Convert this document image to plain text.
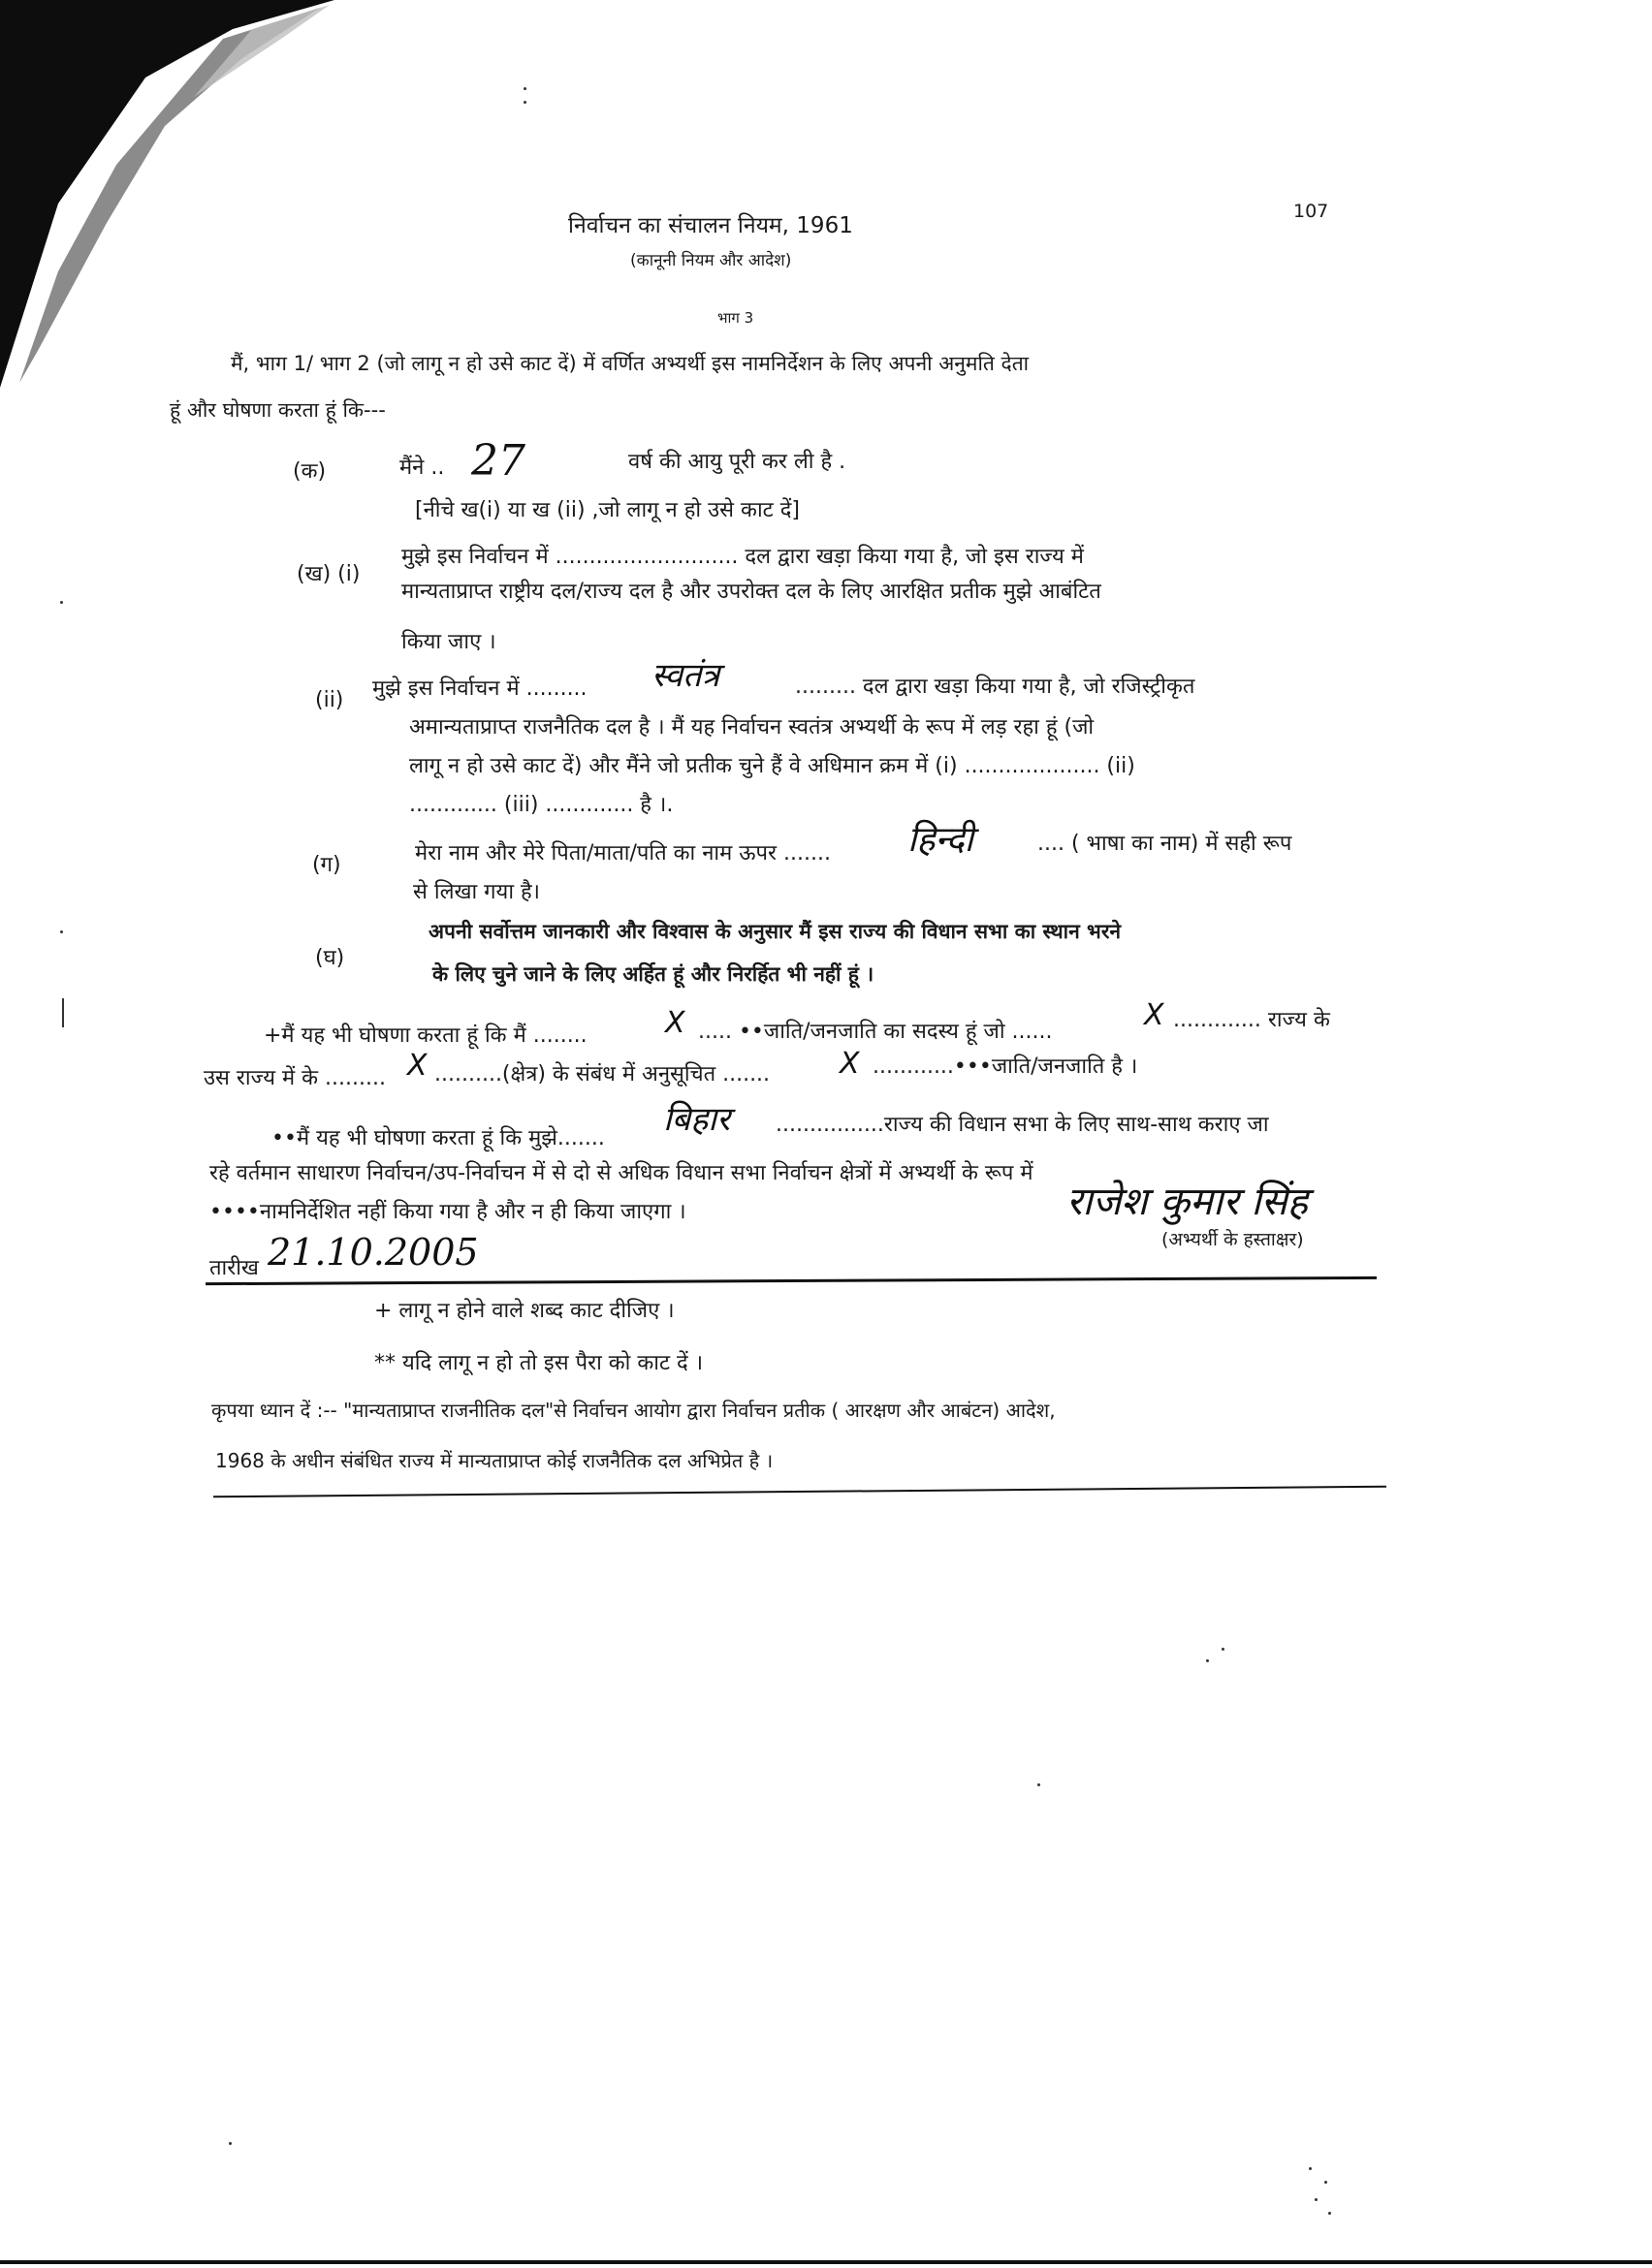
निर्वाचन का संचालन नियम, 1961
(कानूनी नियम और आदेश)
107
भाग 3
मैं, भाग 1/ भाग 2 (जो लागू न हो उसे काट दें) में वर्णित अभ्यर्थी इस नामनिर्देशन के लिए अपनी अनुमति देता
हूं और घोषणा करता हूं कि---
(क)	मैंने .. 27	वर्ष की आयु पूरी कर ली है .
[नीचे ख(i) या ख (ii) ,जो लागू न हो उसे काट दें]
(ख) (i)
मुझे इस निर्वाचन में ........................... दल द्वारा खड़ा किया गया है, जो इस राज्य में
मान्यताप्राप्त राष्ट्रीय दल/राज्य दल है और उपरोक्त दल के लिए आरक्षित प्रतीक मुझे आबंटित
किया जाए ।
(ii) मुझे इस निर्वाचन में ......... स्वतंत्र	......... दल द्वारा खड़ा किया गया है, जो रजिस्ट्रीकृत
अमान्यताप्राप्त राजनैतिक दल है । मैं यह निर्वाचन स्वतंत्र अभ्यर्थी के रूप में लड़ रहा हूं (जो
लागू न हो उसे काट दें) और मैंने जो प्रतीक चुने हैं वे अधिमान क्रम में (i) .................... (ii)
............. (iii) ............. है ।.
(ग)	मेरा नाम और मेरे पिता/माता/पति का नाम ऊपर ....... हिन्दी	.... ( भाषा का नाम) में सही रूप
से लिखा गया है।
(घ)
अपनी सर्वोत्तम जानकारी और विश्वास के अनुसार मैं इस राज्य की विधान सभा का स्थान भरने
के लिए चुने जाने के लिए अर्हित हूं और निरर्हित भी नहीं हूं ।
+मैं यह भी घोषणा करता हूं कि मैं ........	X ..... ••जाति/जनजाति का सदस्य हूं जो ......	X ............. राज्य के
उस राज्य में के ......... X ..........(क्षेत्र) के संबंध में अनुसूचित ....... X ............•••जाति/जनजाति है ।
••मैं यह भी घोषणा करता हूं कि मुझे....... बिहार ................राज्य की विधान सभा के लिए साथ-साथ कराए जा
रहे वर्तमान साधारण निर्वाचन/उप-निर्वाचन में से दो से अधिक विधान सभा निर्वाचन क्षेत्रों में अभ्यर्थी के रूप में
••••नामनिर्देशित नहीं किया गया है और न ही किया जाएगा ।	राजेश कुमार सिंह
(अभ्यर्थी के हस्ताक्षर)
तारीख 21.10.2005
+ लागू न होने वाले शब्द काट दीजिए ।
** यदि लागू न हो तो इस पैरा को काट दें ।
कृपया ध्यान दें :-- "मान्यताप्राप्त राजनीतिक दल"से निर्वाचन आयोग द्वारा निर्वाचन प्रतीक ( आरक्षण और आबंटन) आदेश,
1968 के अधीन संबंधित राज्य में मान्यताप्राप्त कोई राजनैतिक दल अभिप्रेत है ।
